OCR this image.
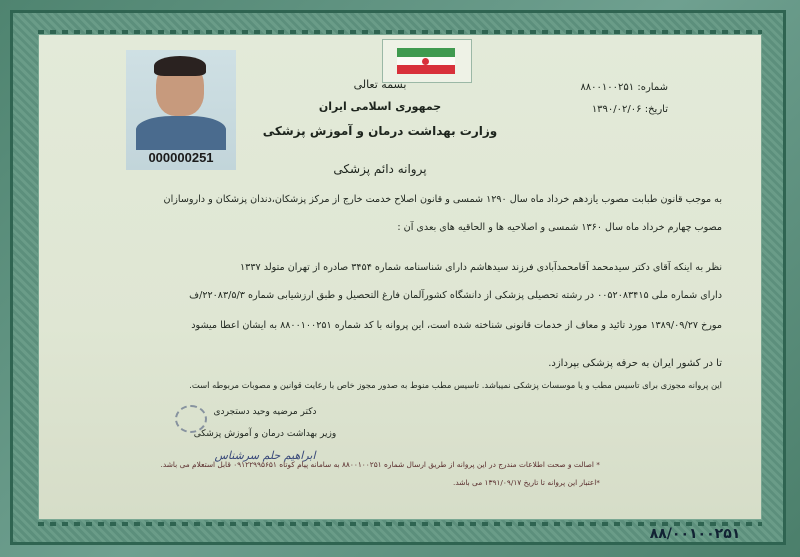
000000251
بسمه تعالی
جمهوری اسلامی ایران
وزارت بهداشت درمان و آموزش پزشکی
پروانه دائم پزشکی
شماره: ۸۸۰۰۱۰۰۲۵۱
تاریخ: ۱۳۹۰/۰۲/۰۶
به موجب قانون طبابت مصوب یازدهم خرداد ماه سال ۱۲۹۰ شمسی و قانون اصلاح خدمت خارج از مرکز پزشکان،دندان پزشکان و داروسازان
مصوب چهارم خرداد ماه سال ۱۳۶۰ شمسی و اصلاحیه ها و الحاقیه های بعدی آن :
نظر به اینکه آقای دکتر سیدمحمد آقامحمدآبادی فرزند سیدهاشم دارای شناسنامه شماره ۳۴۵۴ صادره از تهران متولد ۱۳۳۷
دارای شماره ملی ۰۰۵۲۰۸۳۴۱۵ در رشته تحصیلی پزشکی از دانشگاه کشورآلمان فارغ التحصیل و طبق ارزشیابی شماره ۲۲۰۸۳/۵/۳/ف
مورخ ۱۳۸۹/۰۹/۲۷ مورد تائید و معاف از خدمات قانونی شناخته شده است، این پروانه با کد شماره ۸۸۰۰۱۰۰۲۵۱ به ایشان اعطا میشود
تا در کشور ایران به حرفه پزشکی بپردازد.
این پروانه مجوزی برای تاسیس مطب و یا موسسات پزشکی نمیباشد. تاسیس مطب منوط به صدور مجوز خاص با رعایت قوانین و مصوبات مربوطه است.
دکتر مرضیه وحید دستجردی
وزیر بهداشت درمان و آموزش پزشکی
ابراهیم حلم سرشناس
* اصالت و صحت اطلاعات مندرج در این پروانه از طریق ارسال شماره ۸۸۰۰۱۰۰۲۵۱ به سامانه پیام کوتاه ۰۹۱۲۲۹۹۵۶۵۱ قابل استعلام می باشد.
*اعتبار این پروانه تا تاریخ ۱۳۹۱/۰۹/۱۷ می باشد.
۸۸/۰۰۱۰۰۲۵۱
